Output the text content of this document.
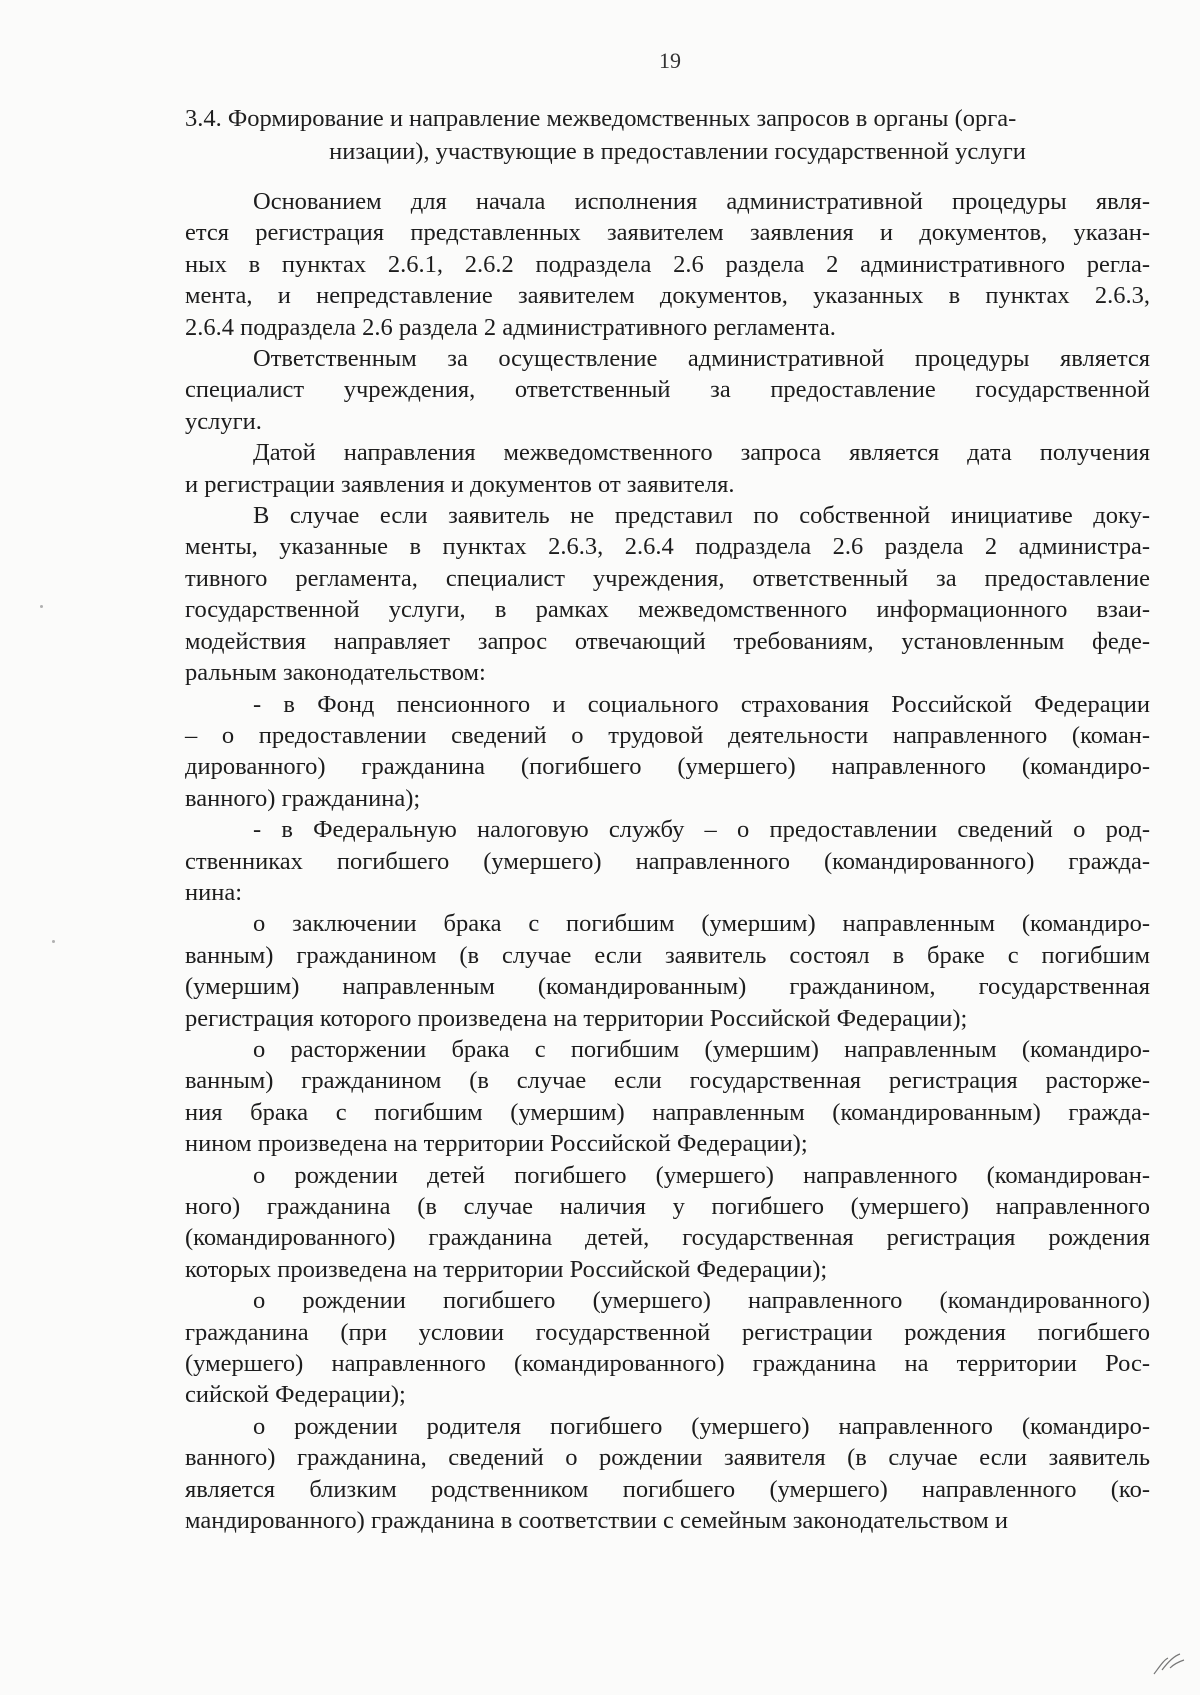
19
3.4. Формирование и направление межведомственных запросов в органы (орга-
низации), участвующие в предоставлении государственной услуги
Основанием для начала исполнения административной процедуры явля-
ется регистрация представленных заявителем заявления и документов, указан-
ных в пунктах 2.6.1, 2.6.2 подраздела 2.6 раздела 2 административного регла-
мента, и непредставление заявителем документов, указанных в пунктах 2.6.3,
2.6.4 подраздела 2.6 раздела 2 административного регламента.
Ответственным за осуществление административной процедуры является
специалист учреждения, ответственный за предоставление государственной
услуги.
Датой направления межведомственного запроса является дата получения
и регистрации заявления и документов от заявителя.
В случае если заявитель не представил по собственной инициативе доку-
менты, указанные в пунктах 2.6.3, 2.6.4 подраздела 2.6 раздела 2 администра-
тивного регламента, специалист учреждения, ответственный за предоставление
государственной услуги, в рамках межведомственного информационного взаи-
модействия направляет запрос отвечающий требованиям, установленным феде-
ральным законодательством:
- в Фонд пенсионного и социального страхования Российской Федерации
– о предоставлении сведений о трудовой деятельности направленного (коман-
дированного) гражданина (погибшего (умершего) направленного (командиро-
ванного) гражданина);
- в Федеральную налоговую службу – о предоставлении сведений о род-
ственниках погибшего (умершего) направленного (командированного) гражда-
нина:
о заключении брака с погибшим (умершим) направленным (командиро-
ванным) гражданином (в случае если заявитель состоял в браке с погибшим
(умершим) направленным (командированным) гражданином, государственная
регистрация которого произведена на территории Российской Федерации);
о расторжении брака с погибшим (умершим) направленным (командиро-
ванным) гражданином (в случае если государственная регистрация расторже-
ния брака с погибшим (умершим) направленным (командированным) гражда-
нином произведена на территории Российской Федерации);
о рождении детей погибшего (умершего) направленного (командирован-
ного) гражданина (в случае наличия у погибшего (умершего) направленного
(командированного) гражданина детей, государственная регистрация рождения
которых произведена на территории Российской Федерации);
о рождении погибшего (умершего) направленного (командированного)
гражданина (при условии государственной регистрации рождения погибшего
(умершего) направленного (командированного) гражданина на территории Рос-
сийской Федерации);
о рождении родителя погибшего (умершего) направленного (командиро-
ванного) гражданина, сведений о рождении заявителя (в случае если заявитель
является близким родственником погибшего (умершего) направленного (ко-
мандированного) гражданина в соответствии с семейным законодательством и
